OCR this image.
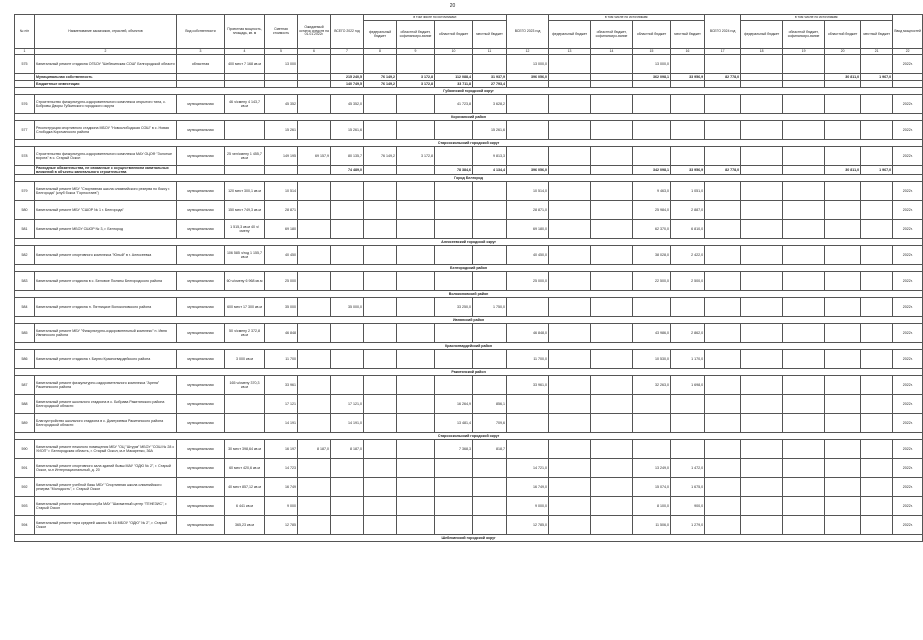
20
№ п/п	Наименование заказчиков, отраслей, объектов	Вид собственности	Проектная мощность, площадь, кв. м	Сметная стоимость	Ожидаемый остаток средств на 01.01.2022г.	ВСЕГО 2022 год	в том числе по источникам:				ВСЕГО 2023 год	в том числе по источникам:				ВСЕГО 2024 год	в том числе по источникам:				Ввод мощностей
							федеральный бюджет	областной бюджет, софинансиро-вание	областной бюджет	местный бюджет		федеральный бюджет	областной бюджет, софинансиро-вание	областной бюджет	местный бюджет		федеральный бюджет	областной бюджет, софинансиро-вание	областной бюджет	местный бюджет	
1	2	3	4	5	6	7	8	9	10	11	12	13	14	15	16	17	18	19	20	21	22
575	Капитальный ремонт стадиона ОГБОУ "Шебекинская СОШ" Белгородской области	областная	400 мест 7 168 кв.м	13 000							13 000,0			13 000,0							2022г.
	Муниципальная собственность					215 240,5	76 149,2	3 172,8	112 088,4	31 937,9	396 056,0			362 098,1	33 956,9	82 778,0			30 811,0	1 967,0	
	Бюджетные инвестиции					140 749,5	76 149,2	3 172,8	33 711,8	27 793,4											
Губкинский городской округ																					
576	Строительство физкультурно-оздоровительного комплекса открытого типа, с. Бобровы Дворы Губкинского городского округа	муниципальная	46 ч/смену 4 143,7 кв.м	45 352		45 352,0			41 723,8	3 628,2											2022г.
Корочанский район																					
577	Реконструкция спортивного стадиона МБОУ "Новослободская СОШ" в с. Новая Слободка Корочанского района	муниципальная		15 261		15 261,6				15 261,6											2022г.
Старооскольский городской округ																					
578	Строительство физкультурно-оздоровительного комплекса МАУ ОЦОФ "Золотые ворота" в с. Старый Оскол	муниципальная	25 чел/смену 1 455,7 кв.м	149 195	69 157,9	80 135,7	76 149,2	3 172,8		9 813,3											2022г.
	Расходные обязательства, не связанные с осуществлением капитальных вложений в объекты капитального строительства					74 489,0			78 384,6	4 134,4	396 056,0			342 098,1	33 956,9	82 778,0			30 811,0	1 967,0	
Город Белгород																					
579	Капитальный ремонт МБУ "Спортивная школа олимпийского резерва по боксу г. Белгорода" (клуб бокса "Горностаев")	муниципальная	120 мест 300,1 кв.м	10 514							10 514,0			9 463,0	1 051,0						2022г.
580	Капитальный ремонт МБУ "СШОР № 1 г. Белгорода"	муниципальная	150 мест 749,3 кв.м	28 871							28 871,0			25 984,0	2 887,0						2022г.
581	Капитальный ремонт МБОУ СШОР № 3, г. Белгород	муниципальная	1 515,3 кв.м 40 ч/смену	69 180							69 180,0			62 370,0	6 810,0						2022г.
Алексеевский городской округ																					
582	Капитальный ремонт спортивного комплекса "Юный" в г. Алексеевка	муниципальная	106 585 ч/год 1 155,7 кв.м	40 450							40 450,0			38 028,0	2 422,0						2022г.
Белгородский район																					
583	Капитальный ремонт стадиона в с. Беловое Поляны Белгородского района	муниципальная	60 ч/смену 6 968 кв.м	25 000							25 000,0			22 500,0	2 500,0						2022г.
Волоконовский район																					
584	Капитальный ремонт стадиона п. Пятницкое Волоконовского района	муниципальная	600 мест 17 300 кв.м	35 000		35 000,0			33 250,0	1 750,0											2022г.
Ивнянский район																					
585	Капитальный ремонт МБУ "Физкультурно-оздоровительный комплекс" п. Ивня Ивнянского района	муниципальная	50 ч/смену 2 372,8 кв.м	46 848							46 848,0			43 986,0	2 862,0						2022г.
Красногвардейский район																					
586	Капитальный ремонт стадиона г. Бирюч Красногвардейского района	муниципальная	3 000 кв.м	11 700							11 700,0			10 530,0	1 170,0						2022г.
Ракитянский район																					
587	Капитальный ремонт физкультурно-оздоровительного комплекса "Арена" Ракитянского района	муниципальная	165 ч/смену 370,3 кв.м	33 961							33 961,0			32 263,0	1 698,0						2022г.
588	Капитальный ремонт школьного стадиона в с. Бобрава Ракитянского района Белгородской области	муниципальная		17 121		17 121,0			16 264,9	856,1											2022г.
589	Благоустройство школьного стадиона в с. Дмитриевка Ракитянского района Белгородской области	муниципальная		14 191		14 191,0			13 481,4	709,6											2022г.
Старооскольский городской округ																					
590	Капитальный ремонт нежилого помещения МБУ "ОЦ "Штурм" МБОУ "СОШ № 28 с УИОП" г. Белгородская область, г. Старый Оскол, м-н Макаренко, 36А	муниципальная	30 мест 398,64 кв.м	16 197	8 187,0	8 187,0			7 368,3	818,7											2022г.
591	Капитальный ремонт спортивного зала зданий бывш МАУ "ОДЮ № 2", г. Старый Оскол, м-н Интернациональный, д. 20	муниципальная	60 мест 420,6 кв.м	14 723							14 721,0			13 249,0	1 472,0						2022г.
592	Капитальный ремонт учебной базы МБУ "Спортивная школа олимпийского резерва "Молодость", г. Старый Оскол	муниципальная	40 мест 857,12 кв.м	16 749							16 749,0			15 074,0	1 675,0						2022г.
593	Капитальный ремонт помещения клуба МАУ "Шахматный центр "ГЕНЕЗИС", г. Старый Оскол	муниципальная	6 441 кв.м	9 000							9 000,0			8 100,0	900,0						2022г.
594	Капитальный ремонт тира средней школы № 16 МБОУ "ОДЮ" № 2", г. Старый Оскол	муниципальная	365,23 кв.м	12 785							12 785,0			11 506,0	1 279,0						2022г.
Шебекинский городской округ																					
